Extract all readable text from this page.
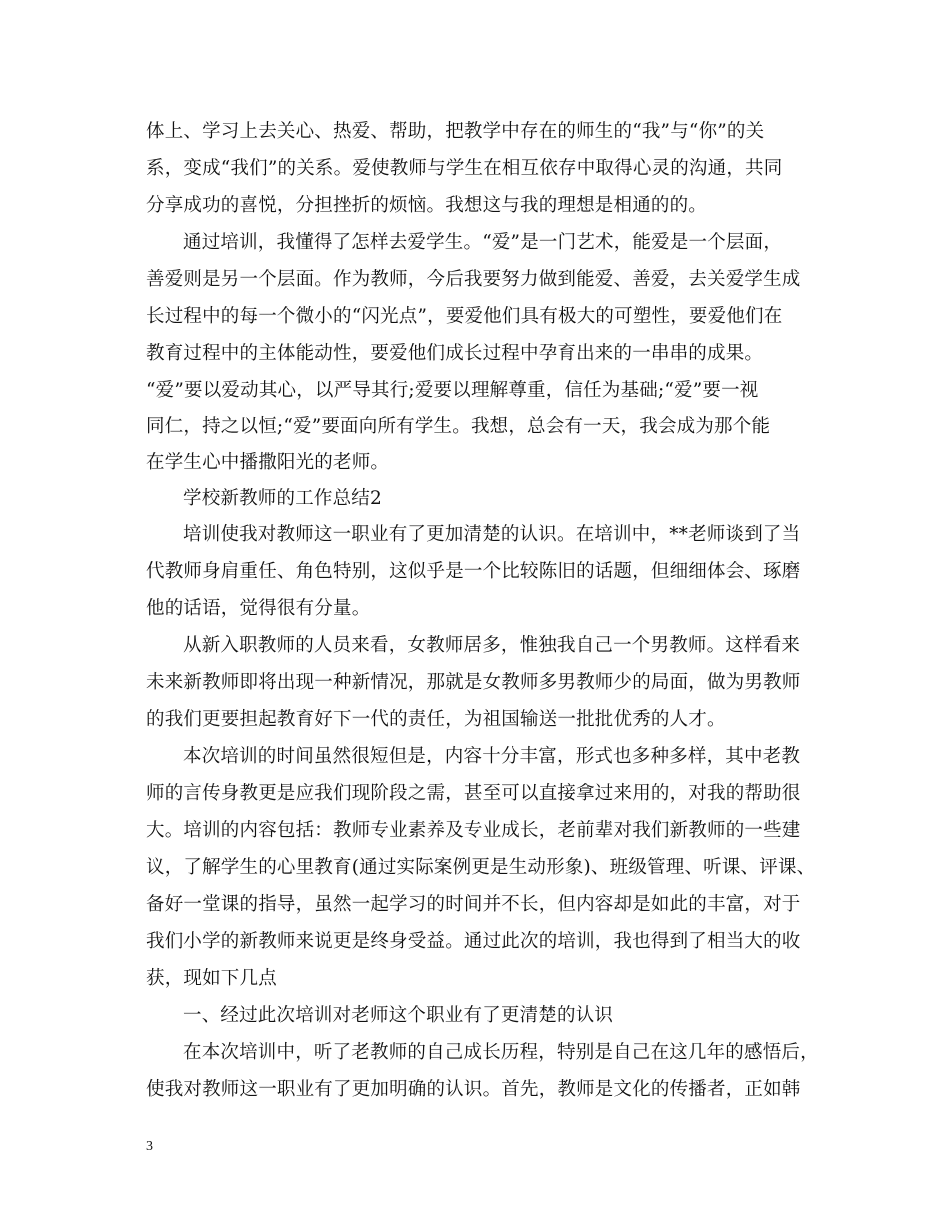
体上、学习上去关心、热爱、帮助，把教学中存在的师生的“我”与“你”的关
系，变成“我们”的关系。爱使教师与学生在相互依存中取得心灵的沟通，共同
分享成功的喜悦，分担挫折的烦恼。我想这与我的理想是相通的的。
通过培训，我懂得了怎样去爱学生。“爱”是一门艺术，能爱是一个层面，
善爱则是另一个层面。作为教师，今后我要努力做到能爱、善爱，去关爱学生成
长过程中的每一个微小的“闪光点”，要爱他们具有极大的可塑性，要爱他们在
教育过程中的主体能动性，要爱他们成长过程中孕育出来的一串串的成果。
“爱”要以爱动其心，以严导其行;爱要以理解尊重，信任为基础;“爱”要一视
同仁，持之以恒;“爱”要面向所有学生。我想，总会有一天，我会成为那个能
在学生心中播撒阳光的老师。
学校新教师的工作总结2
培训使我对教师这一职业有了更加清楚的认识。在培训中，**老师谈到了当
代教师身肩重任、角色特别，这似乎是一个比较陈旧的话题，但细细体会、琢磨
他的话语，觉得很有分量。
从新入职教师的人员来看，女教师居多，惟独我自己一个男教师。这样看来
未来新教师即将出现一种新情况，那就是女教师多男教师少的局面，做为男教师
的我们更要担起教育好下一代的责任，为祖国输送一批批优秀的人才。
本次培训的时间虽然很短但是，内容十分丰富，形式也多种多样，其中老教
师的言传身教更是应我们现阶段之需，甚至可以直接拿过来用的，对我的帮助很
大。培训的内容包括：教师专业素养及专业成长，老前辈对我们新教师的一些建
议，了解学生的心里教育(通过实际案例更是生动形象)、班级管理、听课、评课、
备好一堂课的指导，虽然一起学习的时间并不长，但内容却是如此的丰富，对于
我们小学的新教师来说更是终身受益。通过此次的培训，我也得到了相当大的收
获，现如下几点
一、经过此次培训对老师这个职业有了更清楚的认识
在本次培训中，听了老教师的自己成长历程，特别是自己在这几年的感悟后，
使我对教师这一职业有了更加明确的认识。首先，教师是文化的传播者，正如韩
3
